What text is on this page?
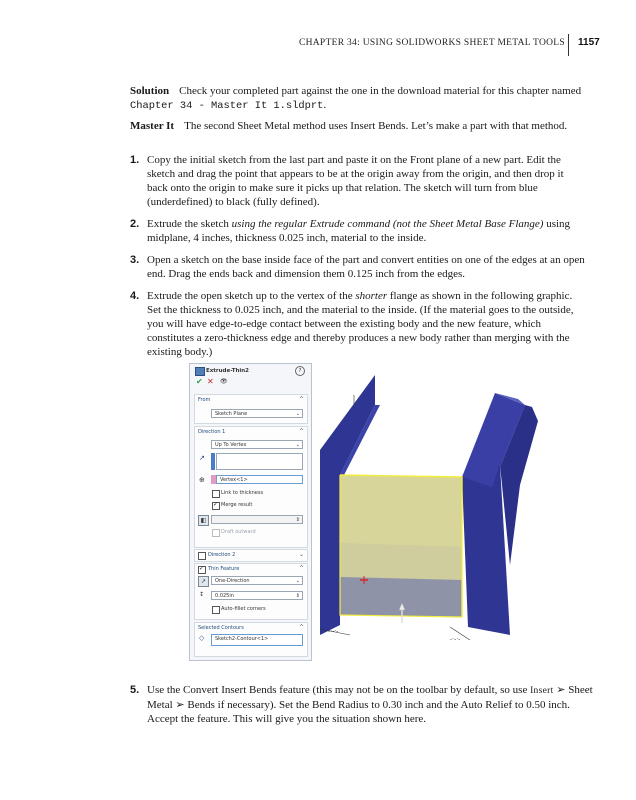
CHAPTER 34: USING SOLIDWORKS SHEET METAL TOOLS 1157

Solution Check your completed part against the one in the download material for this chapter named Chapter 34 - Master It 1.sldprt.

Master It The second Sheet Metal method uses Insert Bends. Let’s make a part with that method.

1. Copy the initial sketch from the last part and paste it on the Front plane of a new part. Edit the sketch and drag the point that appears to be at the origin away from the origin, and then drop it back onto the origin to make sure it picks up that relation. The sketch will turn from blue (underdefined) to black (fully defined).
2. Extrude the sketch using the regular Extrude command (not the Sheet Metal Base Flange) using midplane, 4 inches, thickness 0.025 inch, material to the inside.
3. Open a sketch on the base inside face of the part and convert entities on one of the edges at an open end. Drag the ends back and dimension them 0.125 inch from the edges.
4. Extrude the open sketch up to the vertex of the shorter flange as shown in the following graphic. Set the thickness to 0.025 inch, and the material to the inside. (If the material goes to the outside, you will have edge-to-edge contact between the existing body and the new feature, which constitutes a zero-thickness edge and thereby produces a new body rather than merging with the existing body.)
Extrude-Thin2	?
✔ ✕ 👁
From	^
Sketch Plane	⌄
Direction 1	^
Up To Vertex	⌄
↗
⊕	Vertex<1>
Link to thickness
✓
Merge result
◧	⇕
Draft outward
Direction 2	⌄
✓
Thin Feature	^
↗	One-Direction	⌄
↕	0.025in	⇕
Auto-fillet corners
Selected Contours	^
◇	Sketch2-Contour<1>
-·-·-
-·-·-

5. Use the Convert Insert Bends feature (this may not be on the toolbar by default, so use Insert ➢ Sheet Metal ➢ Bends if necessary). Set the Bend Radius to 0.30 inch and the Auto Relief to 0.50 inch. Accept the feature. This will give you the situation shown here.
